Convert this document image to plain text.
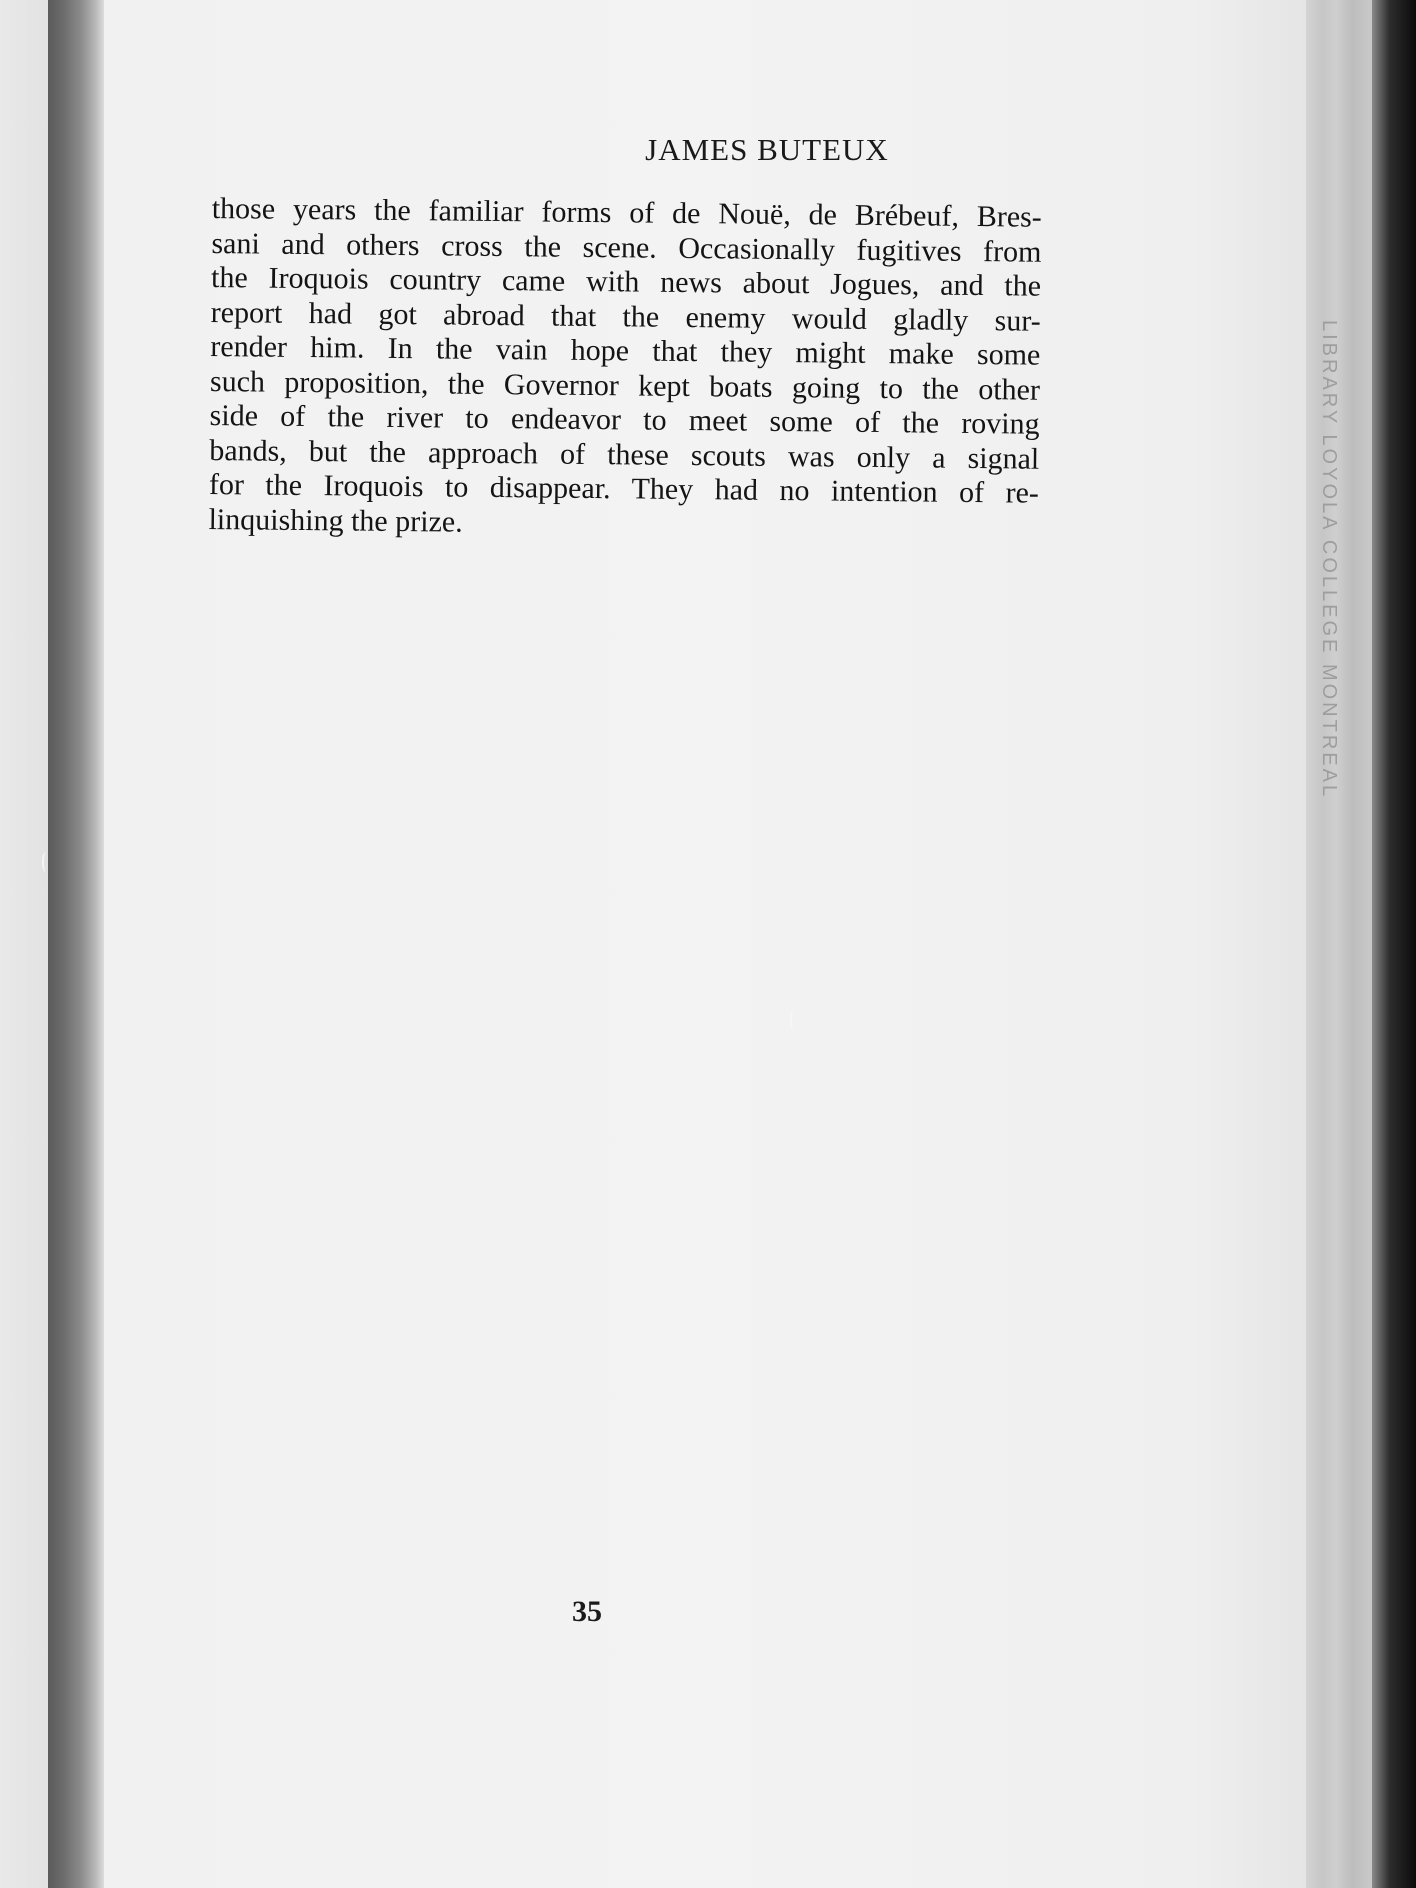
LIBRARY LOYOLA COLLEGE MONTREAL
JAMES BUTEUX
those years the familiar forms of de Nouë, de Brébeuf, Bres-
sani and others cross the scene. Occasionally fugitives from
the Iroquois country came with news about Jogues, and the
report had got abroad that the enemy would gladly sur-
render him. In the vain hope that they might make some
such proposition, the Governor kept boats going to the other
side of the river to endeavor to meet some of the roving
bands, but the approach of these scouts was only a signal
for the Iroquois to disappear. They had no intention of re-
linquishing the prize.
35
